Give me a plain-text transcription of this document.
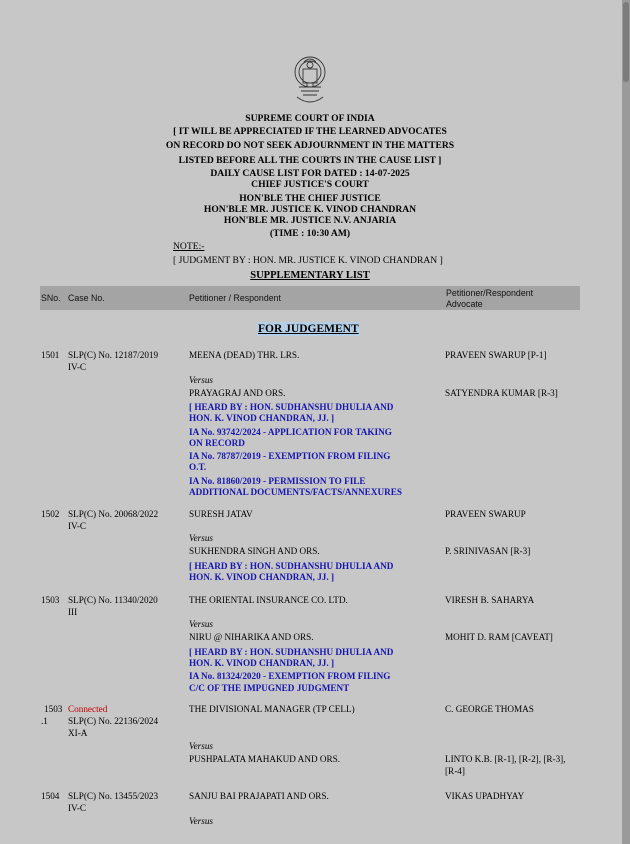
SUPREME COURT OF INDIA
[ IT WILL BE APPRECIATED IF THE LEARNED ADVOCATES
ON RECORD DO NOT SEEK ADJOURNMENT IN THE MATTERS
LISTED BEFORE ALL THE COURTS IN THE CAUSE LIST ]
DAILY CAUSE LIST FOR DATED : 14-07-2025
CHIEF JUSTICE'S COURT
HON'BLE THE CHIEF JUSTICE
HON'BLE MR. JUSTICE K. VINOD CHANDRAN
HON'BLE MR. JUSTICE N.V. ANJARIA
(TIME : 10:30 AM)
NOTE:-
[ JUDGMENT BY : HON. MR. JUSTICE K. VINOD CHANDRAN ]
SUPPLEMENTARY LIST
SNo. Case No.	Petitioner / Respondent	Petitioner/Respondent
Advocate
FOR JUDGEMENT
1501 SLP(C) No. 12187/2019
IV-C
MEENA (DEAD) THR. LRS.	PRAVEEN SWARUP [P-1]
Versus
PRAYAGRAJ AND ORS.	SATYENDRA KUMAR [R-3]
[ HEARD BY : HON. SUDHANSHU DHULIA AND
HON. K. VINOD CHANDRAN, JJ. ]
IA No. 93742/2024 - APPLICATION FOR TAKING
ON RECORD
IA No. 78787/2019 - EXEMPTION FROM FILING
O.T.
IA No. 81860/2019 - PERMISSION TO FILE
ADDITIONAL DOCUMENTS/FACTS/ANNEXURES
1502 SLP(C) No. 20068/2022
IV-C
SURESH JATAV	PRAVEEN SWARUP
Versus
SUKHENDRA SINGH AND ORS.	P. SRINIVASAN [R-3]
[ HEARD BY : HON. SUDHANSHU DHULIA AND
HON. K. VINOD CHANDRAN, JJ. ]
1503 SLP(C) No. 11340/2020
III
THE ORIENTAL INSURANCE CO. LTD.	VIRESH B. SAHARYA
Versus
NIRU @ NIHARIKA AND ORS.	MOHIT D. RAM [CAVEAT]
[ HEARD BY : HON. SUDHANSHU DHULIA AND
HON. K. VINOD CHANDRAN, JJ. ]
IA No. 81324/2020 - EXEMPTION FROM FILING
C/C OF THE IMPUGNED JUDGMENT
1503
.1
Connected
SLP(C) No. 22136/2024
XI-A
THE DIVISIONAL MANAGER (TP CELL)	C. GEORGE THOMAS
Versus
PUSHPALATA MAHAKUD AND ORS.	LINTO K.B. [R-1], [R-2], [R-3],
[R-4]
1504 SLP(C) No. 13455/2023
IV-C
SANJU BAI PRAJAPATI AND ORS.	VIKAS UPADHYAY
Versus
